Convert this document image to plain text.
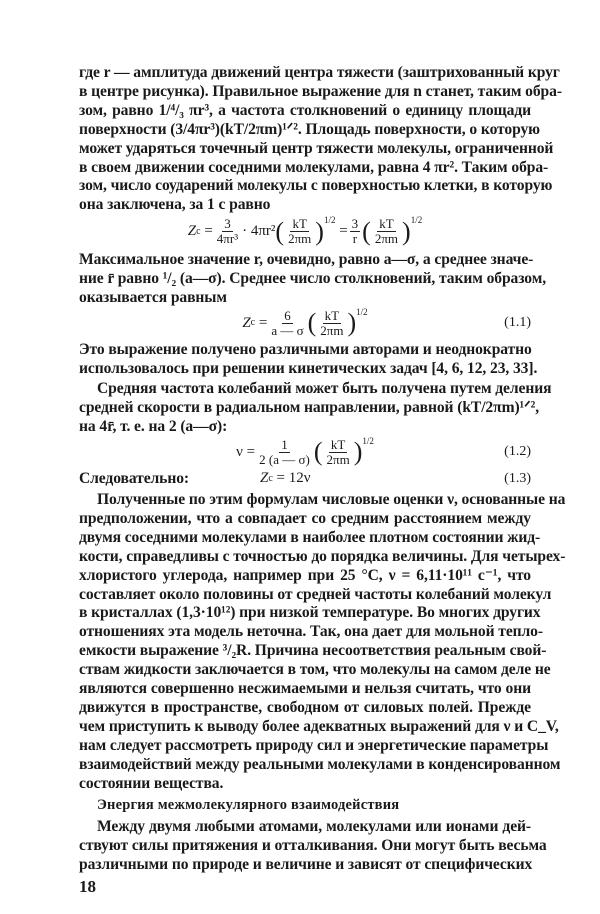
где r — амплитуда движений центра тяжести (заштрихованный круг
в центре рисунка). Правильное выражение для n станет, таким обра-
зом, равно 1/⁴/₃ πr³, а частота столкновений о единицу площади
поверхности (3/4πr³)(kT/2πm)¹ᐟ². Площадь поверхности, о которую
может ударяться точечный центр тяжести молекулы, ограниченной
в своем движении соседними молекулами, равна 4 πr². Таким обра-
зом, число соударений молекулы с поверхностью клетки, в которую
она заключена, за 1 с равно
Максимальное значение r, очевидно, равно a—σ, а среднее значе-
ние r̄ равно ¹/₂ (a—σ). Среднее число столкновений, таким образом,
оказывается равным
Это выражение получено различными авторами и неоднократно
использовалось при решении кинетических задач [4, 6, 12, 23, 33].
Средняя частота колебаний может быть получена путем деления
средней скорости в радиальном направлении, равной (kT/2πm)¹ᐟ²,
на 4r̄, т. е. на 2 (a—σ):
Полученные по этим формулам числовые оценки ν, основанные на
предположении, что a совпадает со средним расстоянием между
двумя соседними молекулами в наиболее плотном состоянии жид-
кости, справедливы с точностью до порядка величины. Для четырех-
хлористого углерода, например при 25 °C, ν = 6,11·10¹¹ с⁻¹, что
составляет около половины от средней частоты колебаний молекул
в кристаллах (1,3·10¹²) при низкой температуре. Во многих других
отношениях эта модель неточна. Так, она дает для мольной тепло-
емкости выражение ³/₂R. Причина несоответствия реальным свой-
ствам жидкости заключается в том, что молекулы на самом деле не
являются совершенно несжимаемыми и нельзя считать, что они
движутся в пространстве, свободном от силовых полей. Прежде
чем приступить к выводу более адекватных выражений для ν и C_V,
нам следует рассмотреть природу сил и энергетические параметры
взаимодействий между реальными молекулами в конденсированном
состоянии вещества.
Между двумя любыми атомами, молекулами или ионами дей-
ствуют силы притяжения и отталкивания. Они могут быть весьма
различными по природе и величине и зависят от специфических
Z $c = \frac{3}{\text{4πr³}} \cdot 4\pi r^2$ ( $\frac{kT}{2\pi m}$ ) 1/2

= $\frac{3}{r}$ ( $\frac{kT}{2\pi m}$ ) 1/2
Z $c = \frac{6}{a — \sigma}$ ( $\frac{kT}{2\pi m}$ ) 1/2
(1.1)
$\nu = \frac{1}{2 (a — \sigma)}$ ( $\frac{kT}{2\pi m}$ ) 1/2
(1.2)
Следовательно:	Z c
= 12ν	(1.3)
Энергия межмолекулярного взаимодействия
18
